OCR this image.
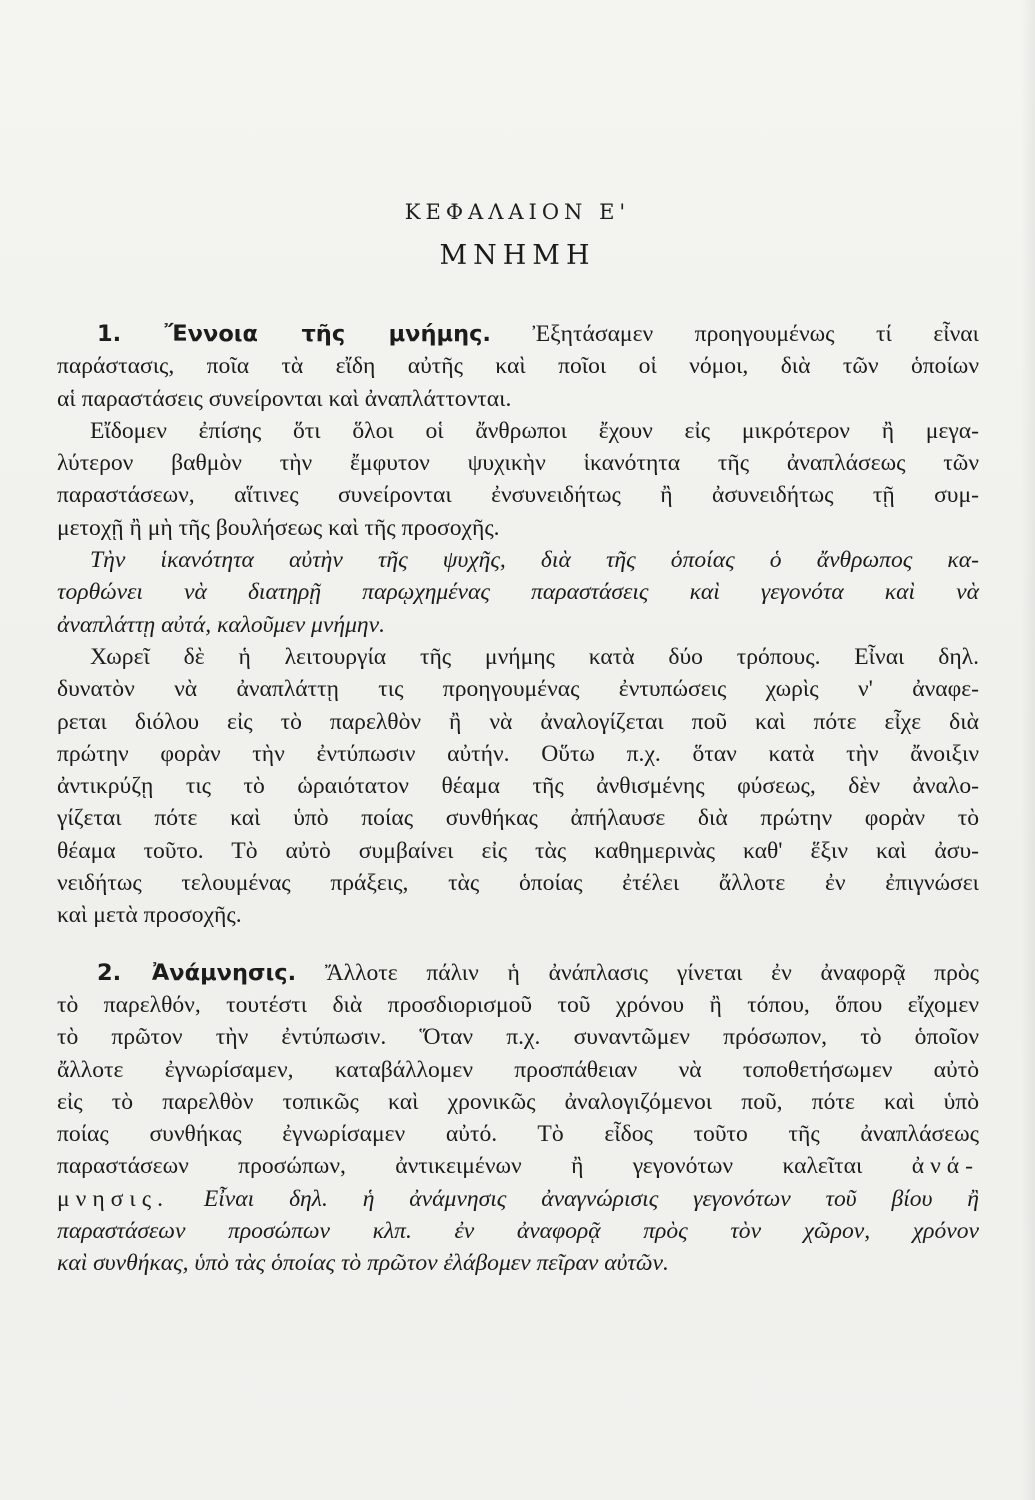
ΚΕΦΑΛΑΙΟΝ Ε'
ΜΝΗΜΗ
1. Ἔννοια τῆς μνήμης. Ἐξητάσαμεν προηγουμένως τί εἶναι
παράστασις, ποῖα τὰ εἴδη αὐτῆς καὶ ποῖοι οἱ νόμοι, διὰ τῶν ὁποίων
αἱ παραστάσεις συνείρονται καὶ ἀναπλάττονται.
Εἴδομεν ἐπίσης ὅτι ὅλοι οἱ ἄνθρωποι ἔχουν εἰς μικρότερον ἢ μεγα-
λύτερον βαθμὸν τὴν ἔμφυτον ψυχικὴν ἱκανότητα τῆς ἀναπλάσεως τῶν
παραστάσεων, αἵτινες συνείρονται ἐνσυνειδήτως ἢ ἀσυνειδήτως τῇ συμ-
μετοχῇ ἢ μὴ τῆς βουλήσεως καὶ τῆς προσοχῆς.
Τὴν ἱκανότητα αὐτὴν τῆς ψυχῆς, διὰ τῆς ὁποίας ὁ ἄνθρωπος κα-
τορθώνει νὰ διατηρῇ παρῳχημένας παραστάσεις καὶ γεγονότα καὶ νὰ
ἀναπλάττῃ αὐτά, καλοῦμεν μνήμην.
Χωρεῖ δὲ ἡ λειτουργία τῆς μνήμης κατὰ δύο τρόπους. Εἶναι δηλ.
δυνατὸν νὰ ἀναπλάττῃ τις προηγουμένας ἐντυπώσεις χωρὶς ν' ἀναφε-
ρεται διόλου εἰς τὸ παρελθὸν ἢ νὰ ἀναλογίζεται ποῦ καὶ πότε εἶχε διὰ
πρώτην φορὰν τὴν ἐντύπωσιν αὐτήν. Οὕτω π.χ. ὅταν κατὰ τὴν ἄνοιξιν
ἀντικρύζῃ τις τὸ ὡραιότατον θέαμα τῆς ἀνθισμένης φύσεως, δὲν ἀναλο-
γίζεται πότε καὶ ὑπὸ ποίας συνθήκας ἀπήλαυσε διὰ πρώτην φορὰν τὸ
θέαμα τοῦτο. Τὸ αὐτὸ συμβαίνει εἰς τὰς καθημερινὰς καθ' ἕξιν καὶ ἀσυ-
νειδήτως τελουμένας πράξεις, τὰς ὁποίας ἐτέλει ἄλλοτε ἐν ἐπιγνώσει
καὶ μετὰ προσοχῆς.
2. Ἀνάμνησις. Ἄλλοτε πάλιν ἡ ἀνάπλασις γίνεται ἐν ἀναφορᾷ πρὸς
τὸ παρελθόν, τουτέστι διὰ προσδιορισμοῦ τοῦ χρόνου ἢ τόπου, ὅπου εἴχομεν
τὸ πρῶτον τὴν ἐντύπωσιν. Ὅταν π.χ. συναντῶμεν πρόσωπον, τὸ ὁποῖον
ἄλλοτε ἐγνωρίσαμεν, καταβάλλομεν προσπάθειαν νὰ τοποθετήσωμεν αὐτὸ
εἰς τὸ παρελθὸν τοπικῶς καὶ χρονικῶς ἀναλογιζόμενοι ποῦ, πότε καὶ ὑπὸ
ποίας συνθήκας ἐγνωρίσαμεν αὐτό. Τὸ εἶδος τοῦτο τῆς ἀναπλάσεως
παραστάσεων προσώπων, ἀντικειμένων ἢ γεγονότων καλεῖται ἀνά-
μνησις. Εἶναι δηλ. ἡ ἀνάμνησις ἀναγνώρισις γεγονότων τοῦ βίου ἢ
παραστάσεων προσώπων κλπ. ἐν ἀναφορᾷ πρὸς τὸν χῶρον, χρόνον
καὶ συνθήκας, ὑπὸ τὰς ὁποίας τὸ πρῶτον ἐλάβομεν πεῖραν αὐτῶν.
